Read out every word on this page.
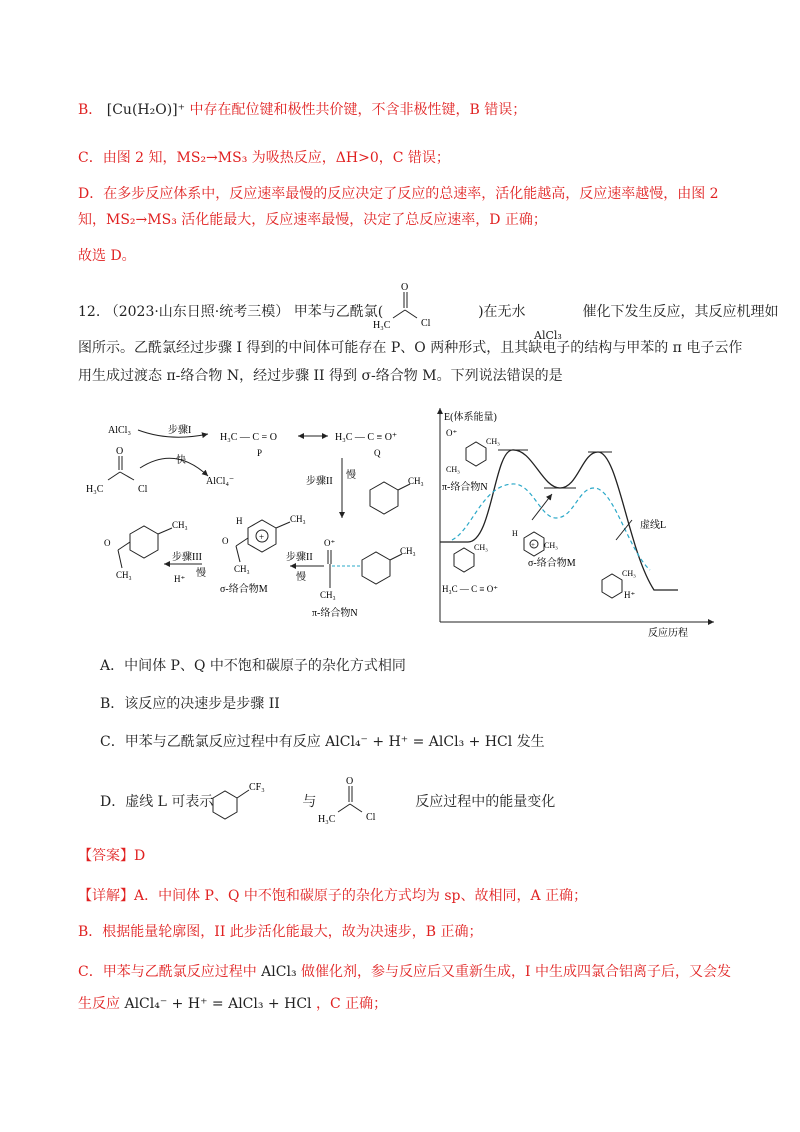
B． [Cu(H₂O)]⁺ 中存在配位键和极性共价键，不含非极性键，B 错误；
C．由图 2 知，MS₂→MS₃ 为吸热反应，ΔH>0，C 错误；
D．在多步反应体系中，反应速率最慢的反应决定了反应的总速率，活化能越高，反应速率越慢，由图 2
知，MS₂→MS₃ 活化能最大，反应速率最慢，决定了总反应速率，D 正确；
故选 D。
12. （2023·山东日照·统考三模） 甲苯与乙酰氯(	)在无水
AlCl₃
催化下发生反应，其反应机理如
O
H₃C	Cl
图所示。乙酰氯经过步骤 I 得到的中间体可能存在 P、O 两种形式，且其缺电子的结构与甲苯的 π 电子云作
用生成过渡态 π-络合物 N，经过步骤 II 得到 σ-络合物 M。下列说法错误的是
AlCl₃	步骤I
快
AlCl₄⁻
H₃C — C = O
P
H₃C — C ≡ O⁺
Q
O
H₃C	Cl
步骤II
慢	CH₃
CH₃
O
CH₃
步骤III
H⁺ 慢
+
CH₃
H
O
CH₃
σ-络合物M
步骤II
慢
O⁺
CH₃
CH₃
π-络合物N
E(体系能量)
反应历程
O⁺
CH₃
CH₃
π-络合物N
+
H
CH₃
σ-络合物M
虚线L
CH₃
H₃C — C ≡ O⁺
CH₃
H⁺
A．中间体 P、Q 中不饱和碳原子的杂化方式相同
B．该反应的决速步是步骤 II
C．甲苯与乙酰氯反应过程中有反应 AlCl₄⁻ + H⁺ = AlCl₃ + HCl 发生
D．虚线 L 可表示	与	反应过程中的能量变化
CF₃
O
H₃C	Cl
【答案】D
【详解】A．中间体 P、Q 中不饱和碳原子的杂化方式均为 sp、故相同，A 正确；
B．根据能量轮廓图，II 此步活化能最大，故为决速步，B 正确；
C．甲苯与乙酰氯反应过程中 AlCl₃ 做催化剂，参与反应后又重新生成，I 中生成四氯合铝离子后，又会发
生反应 AlCl₄⁻ + H⁺ = AlCl₃ + HCl ，C 正确；
